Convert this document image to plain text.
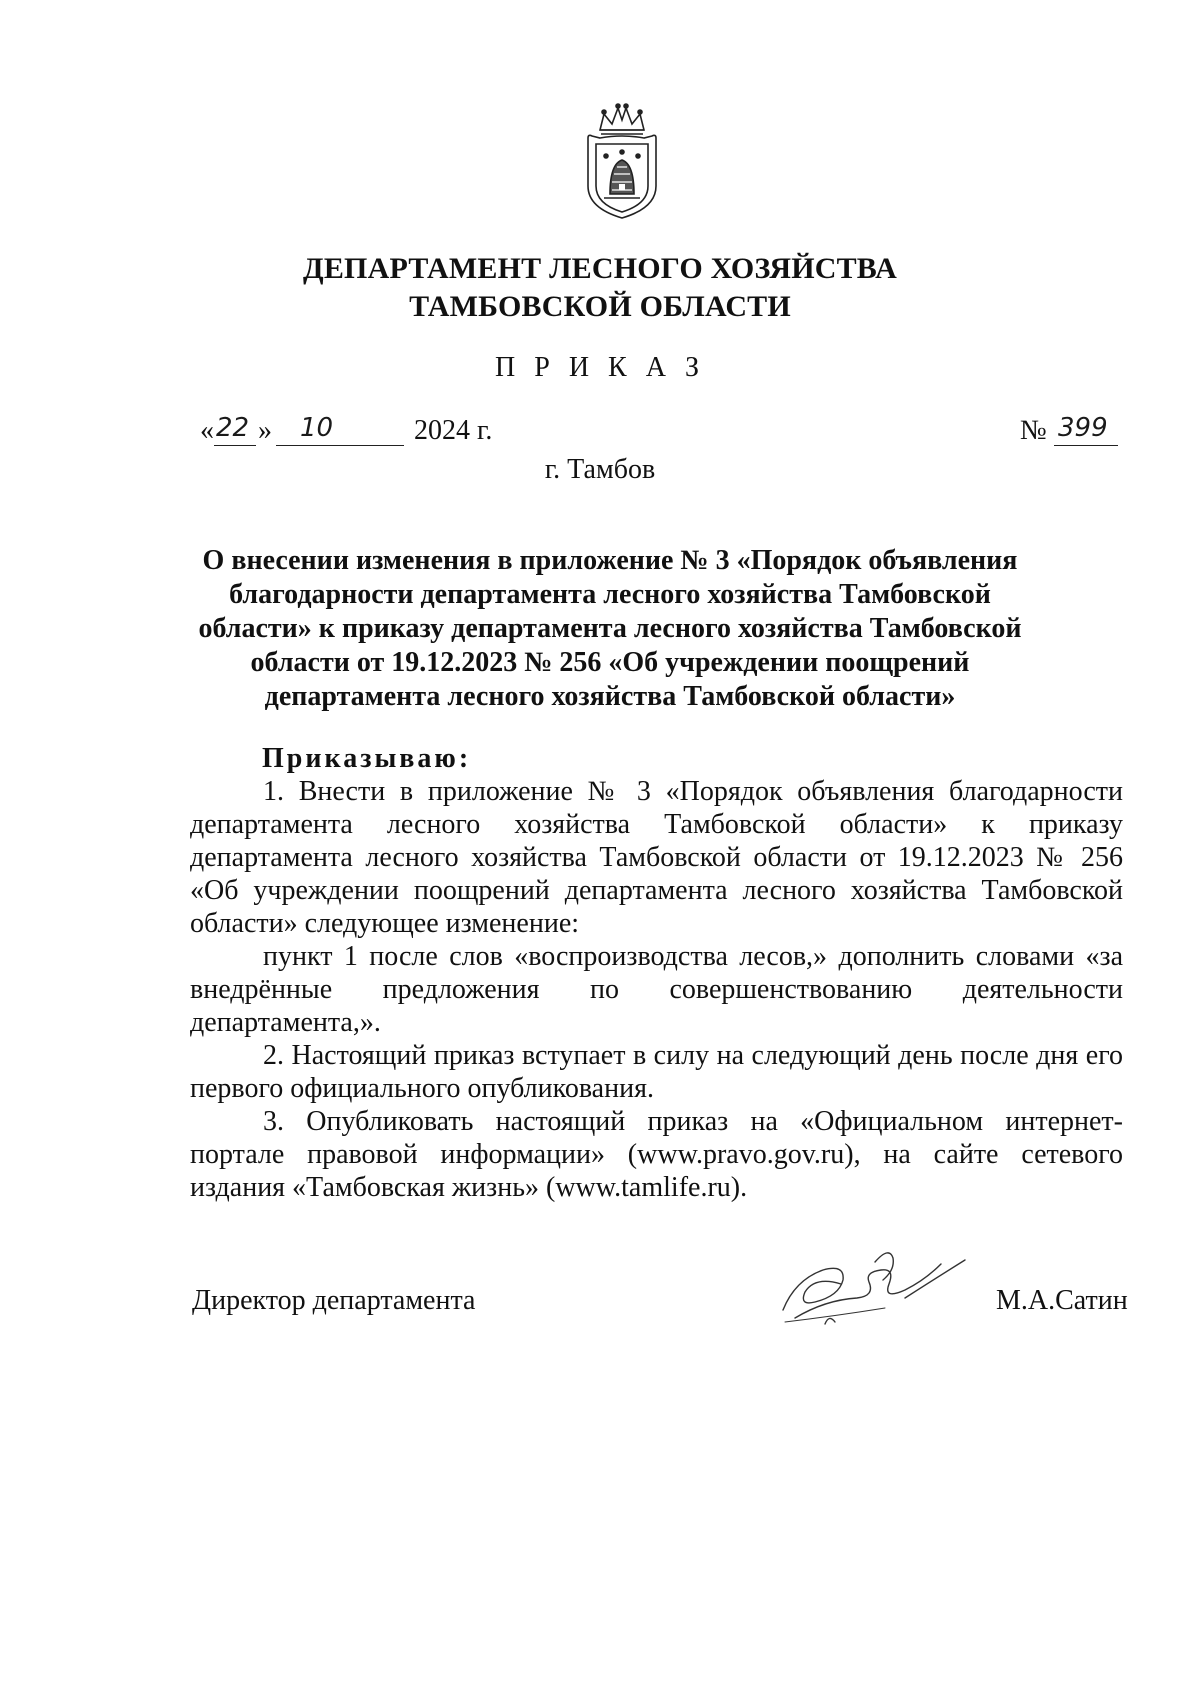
ДЕПАРТАМЕНТ ЛЕСНОГО ХОЗЯЙСТВА
ТАМБОВСКОЙ ОБЛАСТИ
П Р И К А З
« 22 » 10	2024 г.	№ 399
г. Тамбов
О внесении изменения в приложение № 3 «Порядок объявления благодарности департамента лесного хозяйства Тамбовской области» к приказу департамента лесного хозяйства Тамбовской области от 19.12.2023 № 256 «Об учреждении поощрений департамента лесного хозяйства Тамбовской области»

Приказываю:

1. Внести в приложение № 3 «Порядок объявления благодарности департамента лесного хозяйства Тамбовской области» к приказу департамента лесного хозяйства Тамбовской области от 19.12.2023 № 256 «Об учреждении поощрений департамента лесного хозяйства Тамбовской области» следующее изменение:

пункт 1 после слов «воспроизводства лесов,» дополнить словами «за внедрённые предложения по совершенствованию деятельности департамента,».

2. Настоящий приказ вступает в силу на следующий день после дня его первого официального опубликования.

3. Опубликовать настоящий приказ на «Официальном интернет-портале правовой информации» (www.pravo.gov.ru), на сайте сетевого издания «Тамбовская жизнь» (www.tamlife.ru).

Директор департамента	М.А.Сатин
